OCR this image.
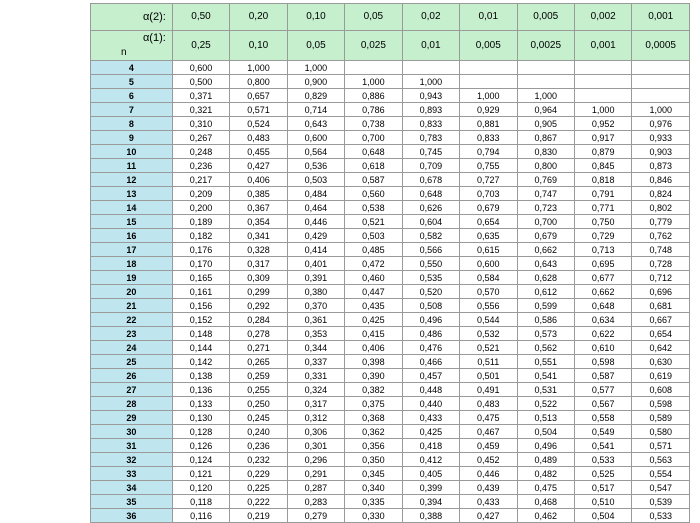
α(2):	0,50	0,20	0,10	0,05	0,02	0,01	0,005	0,002	0,001

α(1):
n	0,25	0,10	0,05	0,025	0,01	0,005	0,0025	0,001	0,0005
4	0,600	1,000	1,000						
5	0,500	0,800	0,900	1,000	1,000				
6	0,371	0,657	0,829	0,886	0,943	1,000	1,000		
7	0,321	0,571	0,714	0,786	0,893	0,929	0,964	1,000	1,000
8	0,310	0,524	0,643	0,738	0,833	0,881	0,905	0,952	0,976
9	0,267	0,483	0,600	0,700	0,783	0,833	0,867	0,917	0,933
10	0,248	0,455	0,564	0,648	0,745	0,794	0,830	0,879	0,903
11	0,236	0,427	0,536	0,618	0,709	0,755	0,800	0,845	0,873
12	0,217	0,406	0,503	0,587	0,678	0,727	0,769	0,818	0,846
13	0,209	0,385	0,484	0,560	0,648	0,703	0,747	0,791	0,824
14	0,200	0,367	0,464	0,538	0,626	0,679	0,723	0,771	0,802
15	0,189	0,354	0,446	0,521	0,604	0,654	0,700	0,750	0,779
16	0,182	0,341	0,429	0,503	0,582	0,635	0,679	0,729	0,762
17	0,176	0,328	0,414	0,485	0,566	0,615	0,662	0,713	0,748
18	0,170	0,317	0,401	0,472	0,550	0,600	0,643	0,695	0,728
19	0,165	0,309	0,391	0,460	0,535	0,584	0,628	0,677	0,712
20	0,161	0,299	0,380	0,447	0,520	0,570	0,612	0,662	0,696
21	0,156	0,292	0,370	0,435	0,508	0,556	0,599	0,648	0,681
22	0,152	0,284	0,361	0,425	0,496	0,544	0,586	0,634	0,667
23	0,148	0,278	0,353	0,415	0,486	0,532	0,573	0,622	0,654
24	0,144	0,271	0,344	0,406	0,476	0,521	0,562	0,610	0,642
25	0,142	0,265	0,337	0,398	0,466	0,511	0,551	0,598	0,630
26	0,138	0,259	0,331	0,390	0,457	0,501	0,541	0,587	0,619
27	0,136	0,255	0,324	0,382	0,448	0,491	0,531	0,577	0,608
28	0,133	0,250	0,317	0,375	0,440	0,483	0,522	0,567	0,598
29	0,130	0,245	0,312	0,368	0,433	0,475	0,513	0,558	0,589
30	0,128	0,240	0,306	0,362	0,425	0,467	0,504	0,549	0,580
31	0,126	0,236	0,301	0,356	0,418	0,459	0,496	0,541	0,571
32	0,124	0,232	0,296	0,350	0,412	0,452	0,489	0,533	0,563
33	0,121	0,229	0,291	0,345	0,405	0,446	0,482	0,525	0,554
34	0,120	0,225	0,287	0,340	0,399	0,439	0,475	0,517	0,547
35	0,118	0,222	0,283	0,335	0,394	0,433	0,468	0,510	0,539
36	0,116	0,219	0,279	0,330	0,388	0,427	0,462	0,504	0,533
